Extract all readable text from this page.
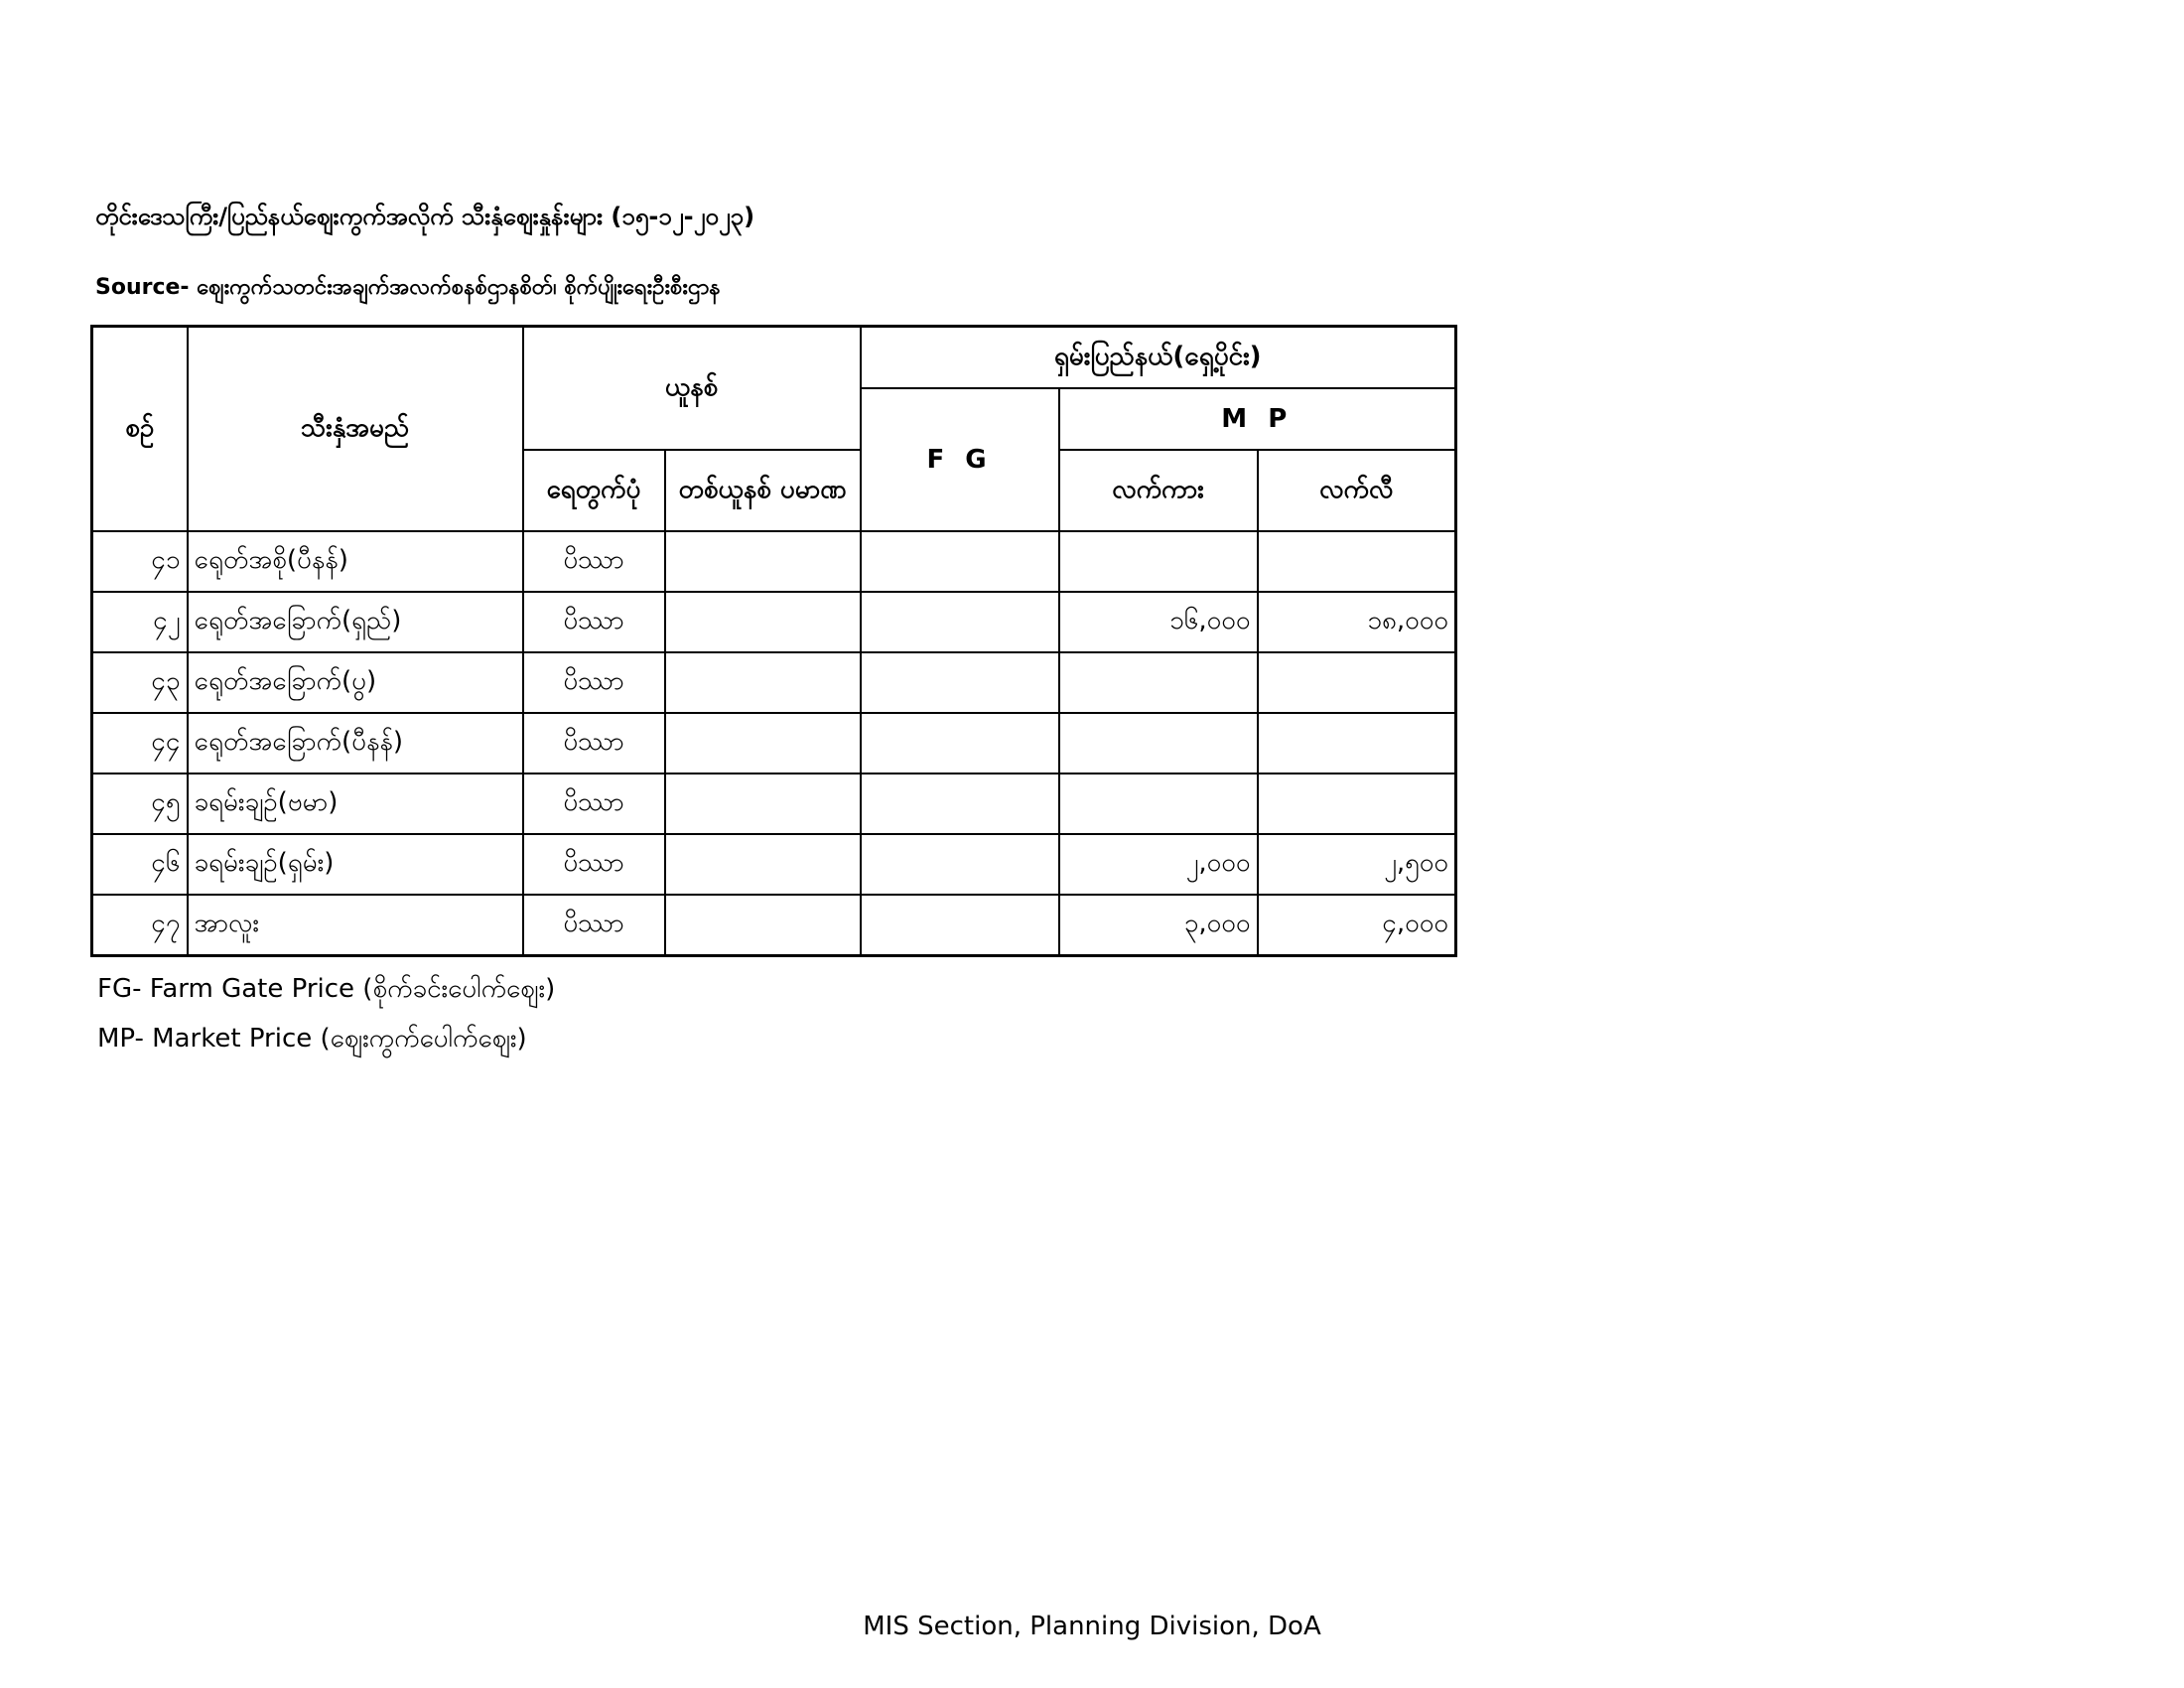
တိုင်းဒေသကြီး/ပြည်နယ်ဈေးကွက်အလိုက် သီးနှံဈေးနှုန်းများ (၁၅-၁၂-၂၀၂၃)
Source- ဈေးကွက်သတင်းအချက်အလက်စနစ်ဌာနစိတ်၊ စိုက်ပျိုးရေးဦးစီးဌာန
စဉ်	သီးနှံအမည်	ယူနစ်		ရှမ်းပြည်နယ်(ရှေ့ပိုင်း)		
				F G	M P	
		ရေတွက်ပုံ	တစ်ယူနစ် ပမာဏ		လက်ကား	လက်လီ
၄၁	ရေုတ်အစို(ပီနန်)	ပိဿာ				
၄၂	ရေုတ်အခြောက်(ရှည်)	ပိဿာ			၁၆,၀၀၀	၁၈,၀၀၀
၄၃	ရေုတ်အခြောက်(ပွ)	ပိဿာ				
၄၄	ရေုတ်အခြောက်(ပီနန်)	ပိဿာ				
၄၅	ခရမ်းချဉ်(ဗမာ)	ပိဿာ				
၄၆	ခရမ်းချဉ်(ရှမ်း)	ပိဿာ			၂,၀၀၀	၂,၅၀၀
၄၇	အာလူး	ပိဿာ			၃,၀၀၀	၄,၀၀၀
FG- Farm Gate Price (စိုက်ခင်းပေါက်ဈေး)
MP- Market Price (ဈေးကွက်ပေါက်ဈေး)
MIS Section, Planning Division, DoA
